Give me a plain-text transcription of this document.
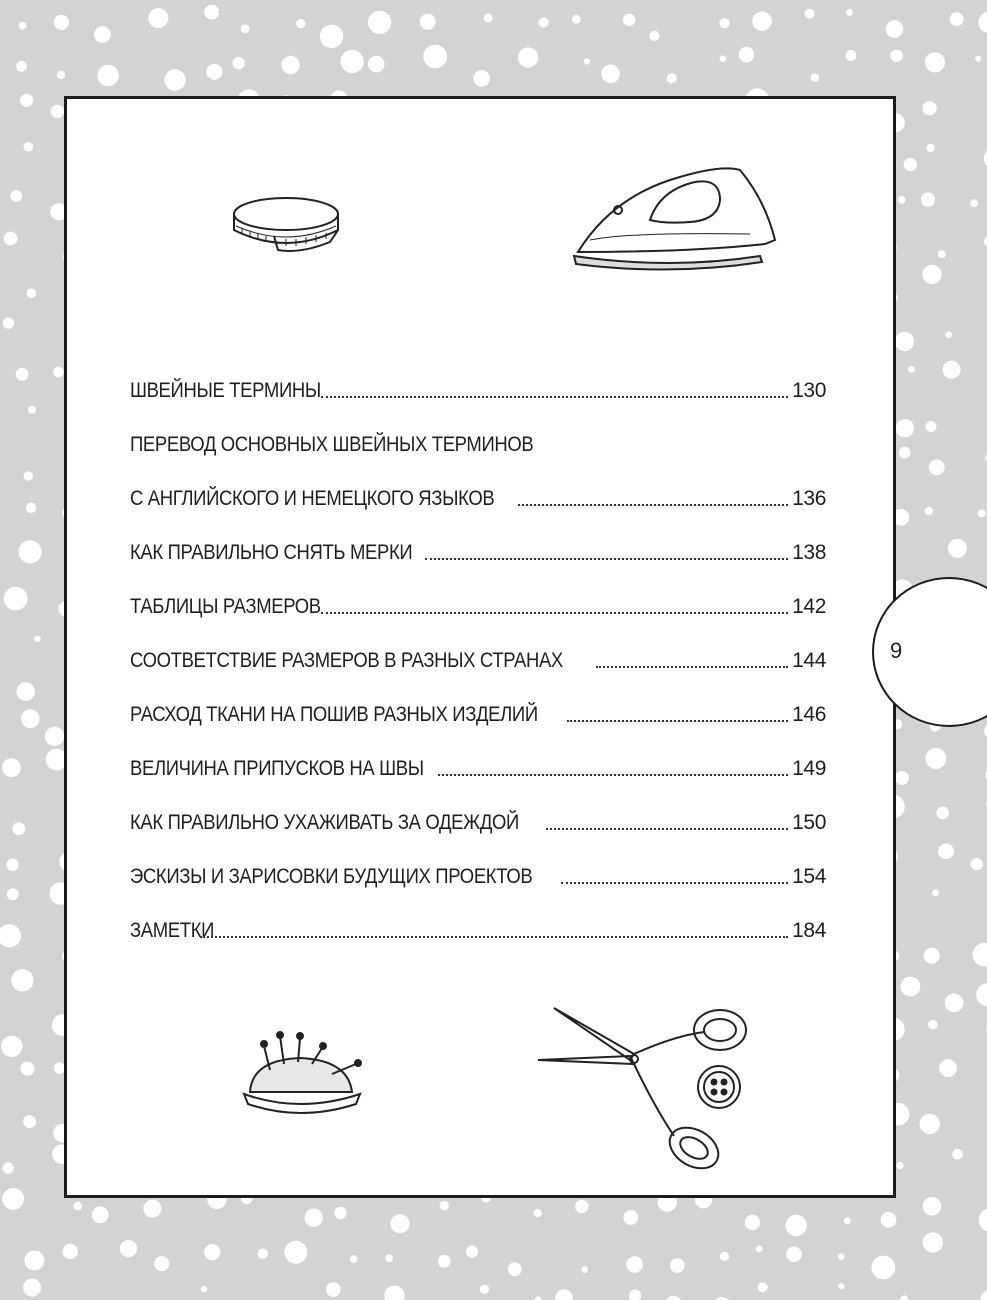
9
ШВЕЙНЫЕ ТЕРМИНЫ	130
ПЕРЕВОД ОСНОВНЫХ ШВЕЙНЫХ ТЕРМИНОВ
С АНГЛИЙСКОГО И НЕМЕЦКОГО ЯЗЫКОВ	136
КАК ПРАВИЛЬНО СНЯТЬ МЕРКИ	138
ТАБЛИЦЫ РАЗМЕРОВ	142
СООТВЕТСТВИЕ РАЗМЕРОВ В РАЗНЫХ СТРАНАХ	144
РАСХОД ТКАНИ НА ПОШИВ РАЗНЫХ ИЗДЕЛИЙ	146
ВЕЛИЧИНА ПРИПУСКОВ НА ШВЫ	149
КАК ПРАВИЛЬНО УХАЖИВАТЬ ЗА ОДЕЖДОЙ	150
ЭСКИЗЫ И ЗАРИСОВКИ БУДУЩИХ ПРОЕКТОВ	154
ЗАМЕТКИ	184
